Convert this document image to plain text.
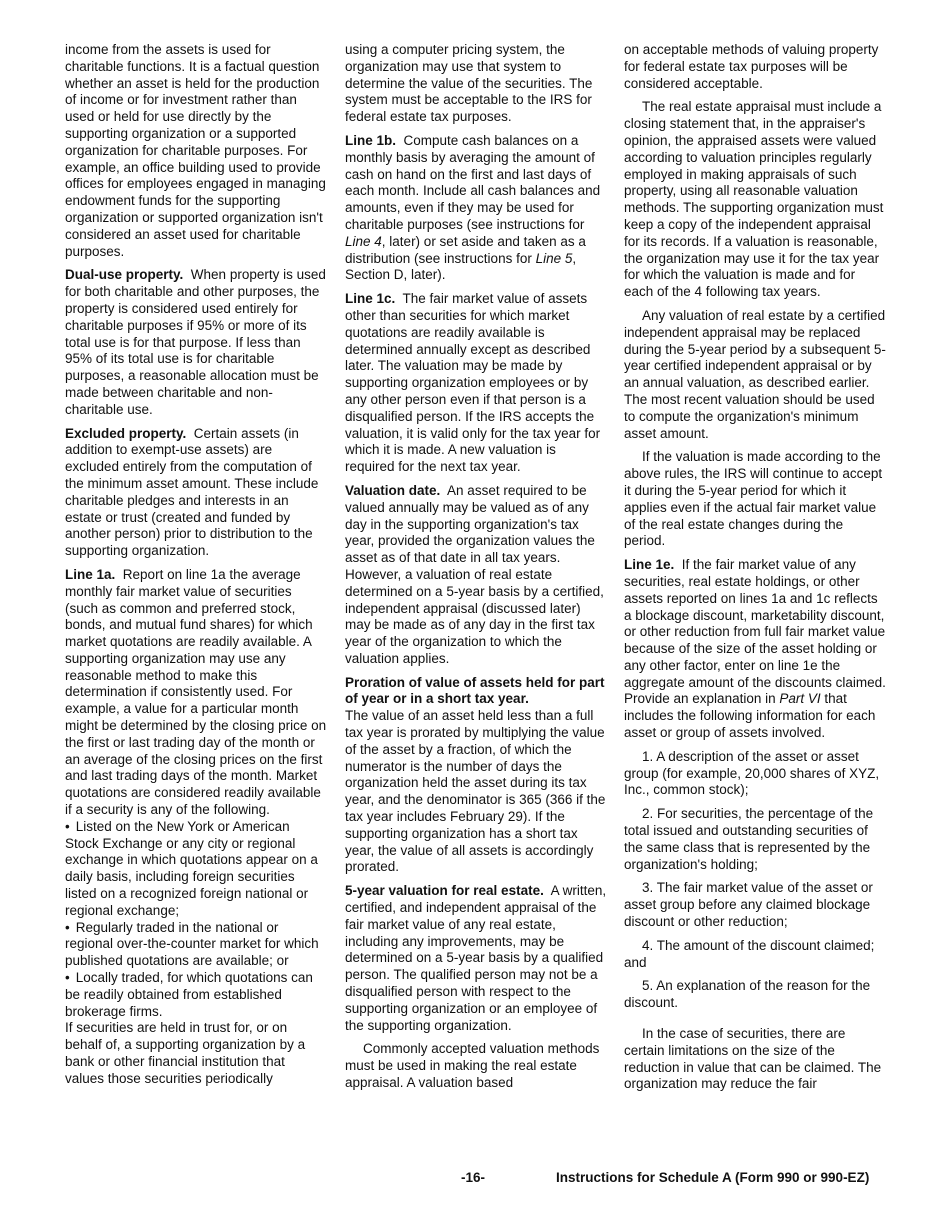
income from the assets is used for charitable functions. It is a factual question whether an asset is held for the production of income or for investment rather than used or held for use directly by the supporting organization or a supported organization for charitable purposes. For example, an office building used to provide offices for employees engaged in managing endowment funds for the supporting organization or supported organization isn't considered an asset used for charitable purposes.

Dual-use property. When property is used for both charitable and other purposes, the property is considered used entirely for charitable purposes if 95% or more of its total use is for that purpose. If less than 95% of its total use is for charitable purposes, a reasonable allocation must be made between charitable and non-charitable use.

Excluded property. Certain assets (in addition to exempt-use assets) are excluded entirely from the computation of the minimum asset amount. These include charitable pledges and interests in an estate or trust (created and funded by another person) prior to distribution to the supporting organization.

Line 1a. Report on line 1a the average monthly fair market value of securities (such as common and preferred stock, bonds, and mutual fund shares) for which market quotations are readily available. A supporting organization may use any reasonable method to make this determination if consistently used. For example, a value for a particular month might be determined by the closing price on the first or last trading day of the month or an average of the closing prices on the first and last trading days of the month. Market quotations are considered readily available if a security is any of the following.

• Listed on the New York or American Stock Exchange or any city or regional exchange in which quotations appear on a daily basis, including foreign securities listed on a recognized foreign national or regional exchange;

• Regularly traded in the national or regional over-the-counter market for which published quotations are available; or

• Locally traded, for which quotations can be readily obtained from established brokerage firms.

If securities are held in trust for, or on behalf of, a supporting organization by a bank or other financial institution that values those securities periodically

using a computer pricing system, the organization may use that system to determine the value of the securities. The system must be acceptable to the IRS for federal estate tax purposes.

Line 1b. Compute cash balances on a monthly basis by averaging the amount of cash on hand on the first and last days of each month. Include all cash balances and amounts, even if they may be used for charitable purposes (see instructions for Line 4, later) or set aside and taken as a distribution (see instructions for Line 5, Section D, later).

Line 1c. The fair market value of assets other than securities for which market quotations are readily available is determined annually except as described later. The valuation may be made by supporting organization employees or by any other person even if that person is a disqualified person. If the IRS accepts the valuation, it is valid only for the tax year for which it is made. A new valuation is required for the next tax year.

Valuation date. An asset required to be valued annually may be valued as of any day in the supporting organization's tax year, provided the organization values the asset as of that date in all tax years. However, a valuation of real estate determined on a 5-year basis by a certified, independent appraisal (discussed later) may be made as of any day in the first tax year of the organization to which the valuation applies.

Proration of value of assets held for part of year or in a short tax year.
The value of an asset held less than a full tax year is prorated by multiplying the value of the asset by a fraction, of which the numerator is the number of days the organization held the asset during its tax year, and the denominator is 365 (366 if the tax year includes February 29). If the supporting organization has a short tax year, the value of all assets is accordingly prorated.

5-year valuation for real estate. A written, certified, and independent appraisal of the fair market value of any real estate, including any improvements, may be determined on a 5-year basis by a qualified person. The qualified person may not be a disqualified person with respect to the supporting organization or an employee of the supporting organization.

Commonly accepted valuation methods must be used in making the real estate appraisal. A valuation based

on acceptable methods of valuing property for federal estate tax purposes will be considered acceptable.

The real estate appraisal must include a closing statement that, in the appraiser's opinion, the appraised assets were valued according to valuation principles regularly employed in making appraisals of such property, using all reasonable valuation methods. The supporting organization must keep a copy of the independent appraisal for its records. If a valuation is reasonable, the organization may use it for the tax year for which the valuation is made and for each of the 4 following tax years.

Any valuation of real estate by a certified independent appraisal may be replaced during the 5-year period by a subsequent 5-year certified independent appraisal or by an annual valuation, as described earlier. The most recent valuation should be used to compute the organization's minimum asset amount.

If the valuation is made according to the above rules, the IRS will continue to accept it during the 5-year period for which it applies even if the actual fair market value of the real estate changes during the period.

Line 1e. If the fair market value of any securities, real estate holdings, or other assets reported on lines 1a and 1c reflects a blockage discount, marketability discount, or other reduction from full fair market value because of the size of the asset holding or any other factor, enter on line 1e the aggregate amount of the discounts claimed. Provide an explanation in Part VI that includes the following information for each asset or group of assets involved.

1. A description of the asset or asset group (for example, 20,000 shares of XYZ, Inc., common stock);

2. For securities, the percentage of the total issued and outstanding securities of the same class that is represented by the organization's holding;

3. The fair market value of the asset or asset group before any claimed blockage discount or other reduction;

4. The amount of the discount claimed; and

5. An explanation of the reason for the discount.

In the case of securities, there are certain limitations on the size of the reduction in value that can be claimed. The organization may reduce the fair

-16-	Instructions for Schedule A (Form 990 or 990-EZ)
